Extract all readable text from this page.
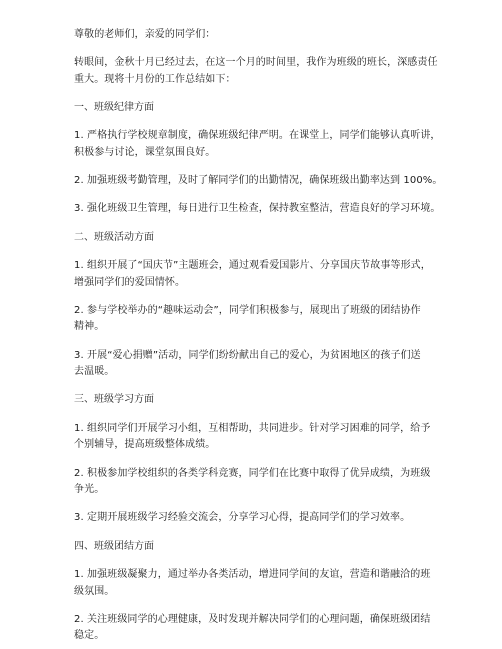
尊敬的老师们，亲爱的同学们：
转眼间，金秋十月已经过去，在这一个月的时间里，我作为班级的班长，深感责任
重大。现将十月份的工作总结如下：
一、班级纪律方面
1. 严格执行学校规章制度，确保班级纪律严明。在课堂上，同学们能够认真听讲，
积极参与讨论，课堂氛围良好。
2. 加强班级考勤管理，及时了解同学们的出勤情况，确保班级出勤率达到 100%。
3. 强化班级卫生管理，每日进行卫生检查，保持教室整洁，营造良好的学习环境。
二、班级活动方面
1. 组织开展了“国庆节”主题班会，通过观看爱国影片、分享国庆节故事等形式，
增强同学们的爱国情怀。
2. 参与学校举办的“趣味运动会”，同学们积极参与，展现出了班级的团结协作
精神。
3. 开展“爱心捐赠”活动，同学们纷纷献出自己的爱心，为贫困地区的孩子们送
去温暖。
三、班级学习方面
1. 组织同学们开展学习小组，互相帮助，共同进步。针对学习困难的同学，给予
个别辅导，提高班级整体成绩。
2. 积极参加学校组织的各类学科竞赛，同学们在比赛中取得了优异成绩，为班级
争光。
3. 定期开展班级学习经验交流会，分享学习心得，提高同学们的学习效率。
四、班级团结方面
1. 加强班级凝聚力，通过举办各类活动，增进同学间的友谊，营造和谐融洽的班
级氛围。
2. 关注班级同学的心理健康，及时发现并解决同学们的心理问题，确保班级团结
稳定。
